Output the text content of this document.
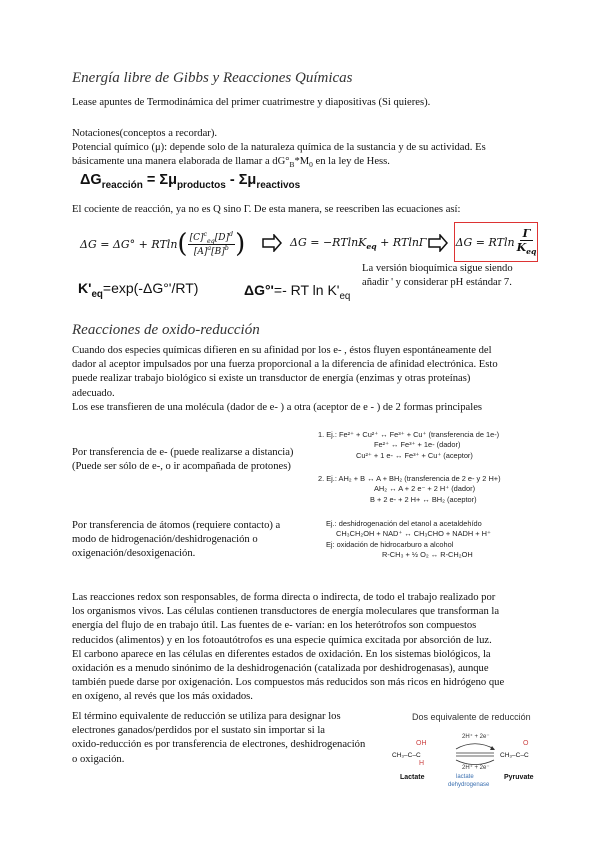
Energía libre de Gibbs y Reacciones Químicas
Lease apuntes de Termodinámica del primer cuatrimestre y diapositivas (Si quieres).
Notaciones(conceptos a recordar).
Potencial químico (μ): depende solo de la naturaleza química de la sustancia y de su actividad. Es
básicamente una manera elaborada de llamar a $dG^\circ_B*M_0$ en la ley de Hess.
$\Delta G_{reacción} = \Sigma\mu_{productos} - \Sigma\mu_{reactivos}$
El cociente de reacción, ya no es Q sino Γ. De esta manera, se reescriben las ecuaciones así:
ΔG = ΔG° + RTln ( $[C]^c_{eq}[D]^d$
$[A]^a[B]^b$ )	ΔG = −RTlnK$_{eq}$ + RTlnΓ	ΔG = RTln
Γ
$K_{eq}$
$K'_{eq}=\exp(-\Delta G^\circ'/RT)$	ΔG°'=- RT $\ln K'_{eq}$
La versión bioquímica sigue siendo
añadir ' y considerar pH estándar 7.
Reacciones de oxido-reducción
Cuando dos especies químicas difieren en su afinidad por los e- , éstos fluyen espontáneamente del
dador al aceptor impulsados por una fuerza proporcional a la diferencia de afinidad electrónica. Esto
puede realizar trabajo biológico si existe un transductor de energía (enzimas y otras proteínas)
adecuado.
Los ese transfieren de una molécula (dador de e- ) a otra (aceptor de e - ) de 2 formas principales
Por transferencia de e- (puede realizarse a distancia)
(Puede ser sólo de e-, o ir acompañada de protones)
1. Ej.: Fe²⁺ + Cu²⁺ ↔ Fe³⁺ + Cu⁺ (transferencia de 1e-)
Fe²⁺ ↔ Fe³⁺ + 1e- (dador)
Cu²⁺ + 1 e- ↔ Fe³⁺ + Cu⁺ (aceptor)
2. Ej.: AH₂ + B ↔ A + BH₂ (transferencia de 2 e- y 2 H+)
AH₂ ↔ A + 2 e⁻ + 2 H⁺ (dador)
B + 2 e- + 2 H+ ↔ BH₂ (aceptor)
Por transferencia de átomos (requiere contacto) a
modo de hidrogenación/deshidrogenación o
oxigenación/desoxigenación.
Ej.: deshidrogenación del etanol a acetaldehído
CH₃CH₂OH + NAD⁺ ↔ CH₃CHO + NADH + H⁺
Ej: oxidación de hidrocarburo a alcohol
R-CH₃ + ½ O₂ ↔ R-CH₂OH
Las reacciones redox son responsables, de forma directa o indirecta, de todo el trabajo realizado por
los organismos vivos. Las células contienen transductores de energía moleculares que transforman la
energía del flujo de en trabajo útil. Las fuentes de e- varían: en los heterótrofos son compuestos
reducidos (alimentos) y en los fotoautótrofos es una especie química excitada por absorción de luz.
El carbono aparece en las células en diferentes estados de oxidación. En los sistemas biológicos, la
oxidación es a menudo sinónimo de la deshidrogenación (catalizada por deshidrogenasas), aunque
también puede darse por oxigenación. Los compuestos más reducidos son más ricos en hidrógeno que
en oxígeno, al revés que los más oxidados.
El término equivalente de reducción se utiliza para designar los
electrones ganados/perdidos por el sustato sin importar si la
oxido-reducción es por transferencia de electrones, deshidrogenación
o oxigación.
Dos equivalente de reducción
2H⁺ + 2e⁻
2H⁺ + 2e⁻
OH
H
O
CH₃–C–C	CH₃–C–C
Lactate	lactate
dehydrogenase
Pyruvate
